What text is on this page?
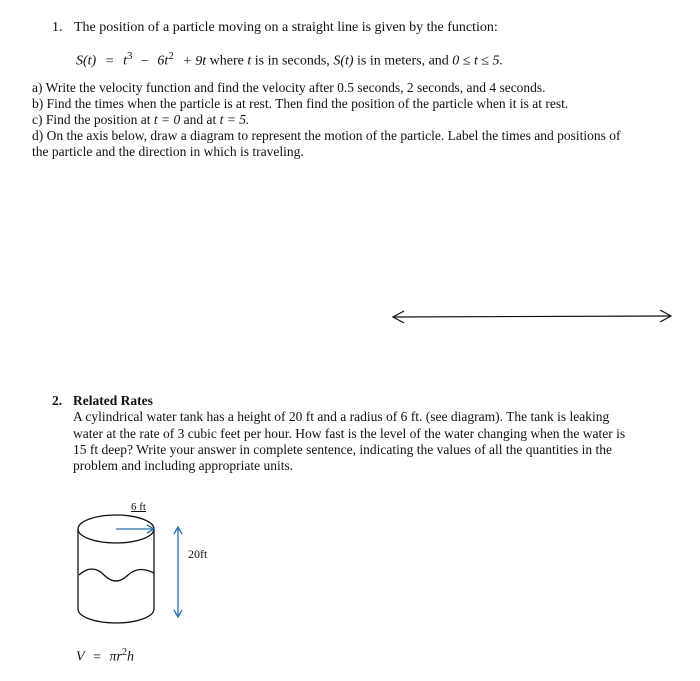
1. The position of a particle moving on a straight line is given by the function:
$S(t) = t^3 - 6t^2 + 9t$ where t is in seconds, S(t) is in meters, and 0 ≤ t ≤ 5.
a) Write the velocity function and find the velocity after 0.5 seconds, 2 seconds, and 4 seconds.
b) Find the times when the particle is at rest. Then find the position of the particle when it is at rest.
c) Find the position at t = 0 and at t = 5.
d) On the axis below, draw a diagram to represent the motion of the particle. Label the times and positions of
the particle and the direction in which is traveling.
2. Related Rates
A cylindrical water tank has a height of 20 ft and a radius of 6 ft. (see diagram). The tank is leaking
water at the rate of 3 cubic feet per hour. How fast is the level of the water changing when the water is
15 ft deep? Write your answer in complete sentence, indicating the values of all the quantities in the
problem and including appropriate units.
6 ft
20ft
$V = \pi r^2h$
